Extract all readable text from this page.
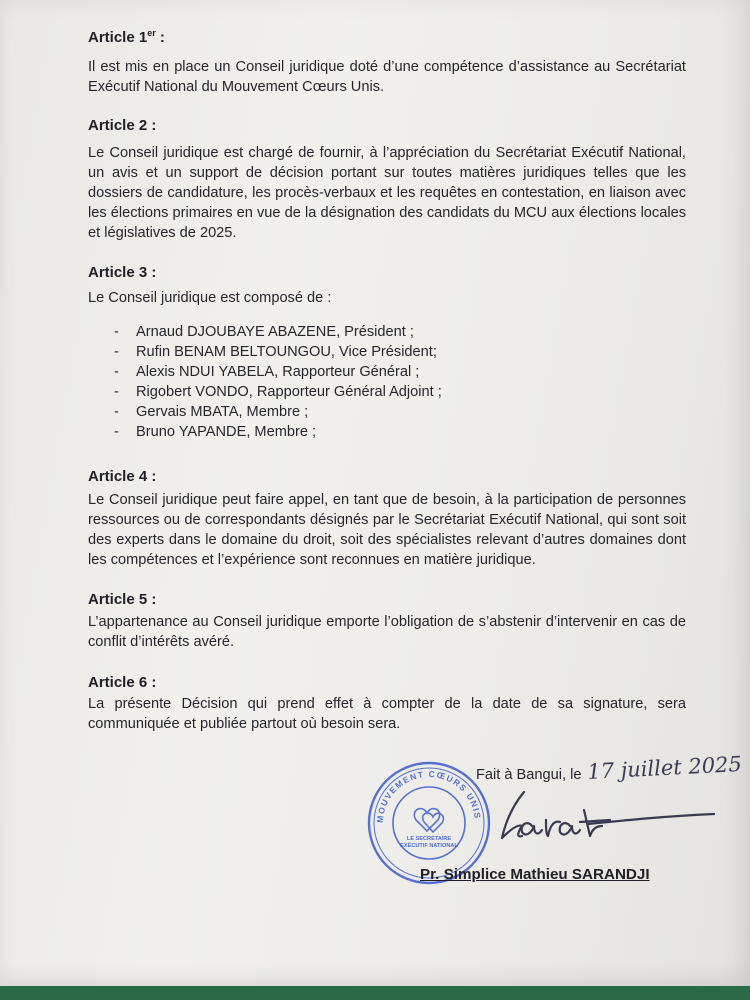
Article 1er :
Il est mis en place un Conseil juridique doté d’une compétence d’assistance au Secrétariat Exécutif National du Mouvement Cœurs Unis.
Article 2 :
Le Conseil juridique est chargé de fournir, à l’appréciation du Secrétariat Exécutif National, un avis et un support de décision portant sur toutes matières juridiques telles que les dossiers de candidature, les procès-verbaux et les requêtes en contestation, en liaison avec les élections primaires en vue de la désignation des candidats du MCU aux élections locales et législatives de 2025.
Article 3 :
Le Conseil juridique est composé de :
- Arnaud DJOUBAYE ABAZENE, Président ;
- Rufin BENAM BELTOUNGOU, Vice Président;
- Alexis NDUI YABELA, Rapporteur Général ;
- Rigobert VONDO, Rapporteur Général Adjoint ;
- Gervais MBATA, Membre ;
- Bruno YAPANDE, Membre ;
Article 4 :
Le Conseil juridique peut faire appel, en tant que de besoin, à la participation de personnes ressources ou de correspondants désignés par le Secrétariat Exécutif National, qui sont soit des experts dans le domaine du droit, soit des spécialistes relevant d’autres domaines dont les compétences et l’expérience sont reconnues en matière juridique.
Article 5 :
L’appartenance au Conseil juridique emporte l’obligation de s’abstenir d’intervenir en cas de conflit d’intérêts avéré.
Article 6 :
La présente Décision qui prend effet à compter de la date de sa signature, sera communiquée et publiée partout où besoin sera.
Fait à Bangui, le 17 juillet 2025
MOUVEMENT CŒURS UNIS
LE SECRÉTAIRE
EXÉCUTIF NATIONAL
Pr. Simplice Mathieu SARANDJI
